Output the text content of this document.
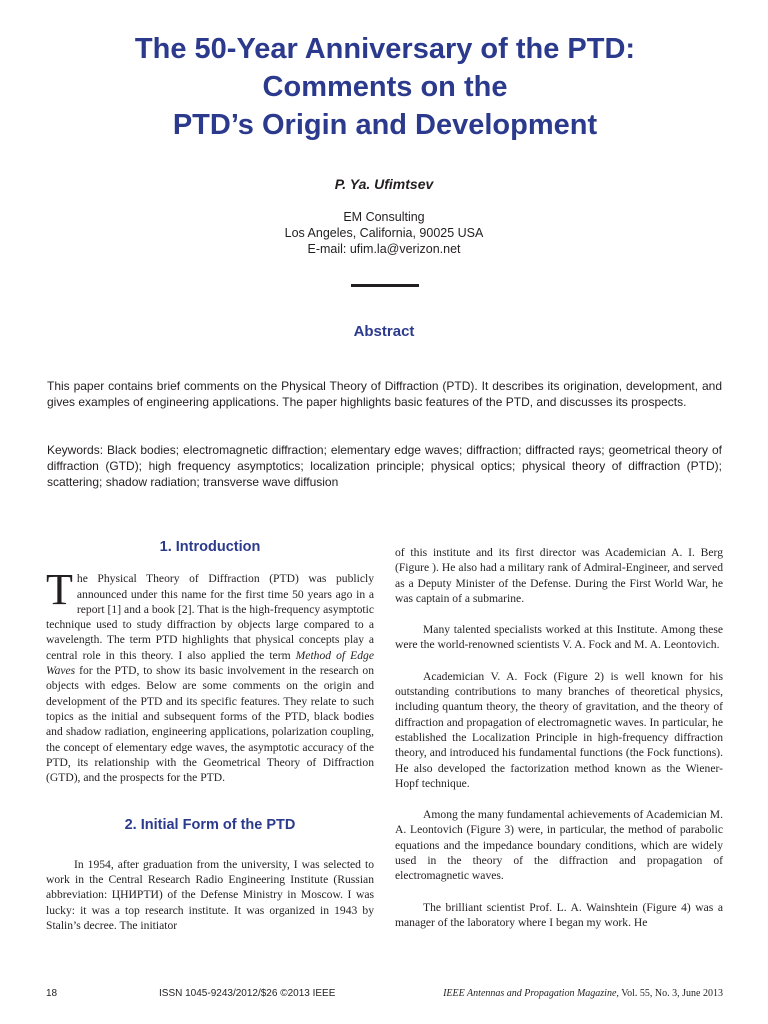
The 50-Year Anniversary of the PTD:
Comments on the
PTD’s Origin and Development
P. Ya. Ufimtsev
EM Consulting
Los Angeles, California, 90025 USA
E-mail: ufim.la@verizon.net
Abstract

This paper contains brief comments on the Physical Theory of Diffraction (PTD). It describes its origination, development, and gives examples of engineering applications. The paper highlights basic features of the PTD, and discusses its prospects.

Keywords: Black bodies; electromagnetic diffraction; elementary edge waves; diffraction; diffracted rays; geometrical theory of diffraction (GTD); high frequency asymptotics; localization principle; physical optics; physical theory of diffraction (PTD); scattering; shadow radiation; transverse wave diffusion

1. Introduction

The Physical Theory of Diffraction (PTD) was publicly announced under this name for the first time 50 years ago in a report [1] and a book [2]. That is the high-frequency asymptotic technique used to study diffraction by objects large compared to a wavelength. The term PTD highlights that physical concepts play a central role in this theory. I also applied the term Method of Edge Waves for the PTD, to show its basic involvement in the research on objects with edges. Below are some comments on the origin and development of the PTD and its specific features. They relate to such topics as the initial and subsequent forms of the PTD, black bodies and shadow radiation, engineering applications, polarization coupling, the concept of elementary edge waves, the asymptotic accuracy of the PTD, its relationship with the Geometrical Theory of Diffraction (GTD), and the prospects for the PTD.

2. Initial Form of the PTD

In 1954, after graduation from the university, I was selected to work in the Central Research Radio Engineering Institute (Russian abbreviation: ЦНИРТИ) of the Defense Ministry in Moscow. I was lucky: it was a top research institute. It was organized in 1943 by Stalin’s decree. The initiator

of this institute and its first director was Academician A. I. Berg (Figure ). He also had a military rank of Admiral-Engineer, and served as a Deputy Minister of the Defense. During the First World War, he was captain of a submarine.

Many talented specialists worked at this Institute. Among these were the world-renowned scientists V. A. Fock and M. A. Leontovich.

Academician V. A. Fock (Figure 2) is well known for his outstanding contributions to many branches of theoretical physics, including quantum theory, the theory of gravitation, and the theory of diffraction and propagation of electromagnetic waves. In particular, he established the Localization Principle in high-frequency diffraction theory, and introduced his fundamental functions (the Fock functions). He also developed the factorization method known as the Wiener-Hopf technique.

Among the many fundamental achievements of Academician M. A. Leontovich (Figure 3) were, in particular, the method of parabolic equations and the impedance boundary conditions, which are widely used in the theory of the diffraction and propagation of electromagnetic waves.

The brilliant scientist Prof. L. A. Wainshtein (Figure 4) was a manager of the laboratory where I began my work. He

18	ISSN 1045-9243/2012/$26 ©2013 IEEE	IEEE Antennas and Propagation Magazine, Vol. 55, No. 3, June 2013
